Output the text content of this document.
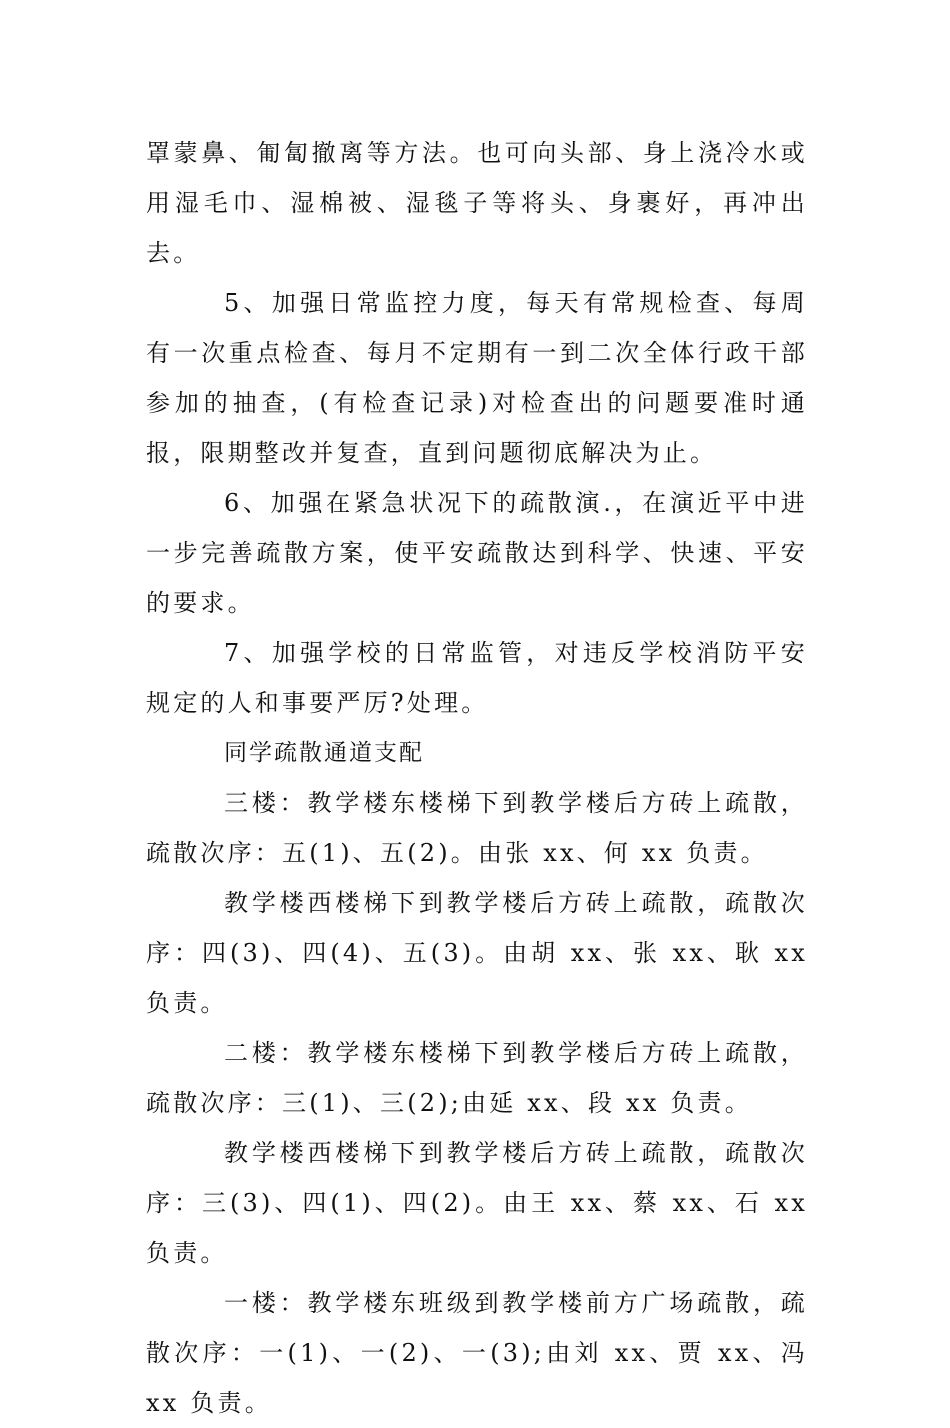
罩蒙鼻、匍匐撤离等方法。也可向头部、身上浇冷水或用湿毛巾、湿棉被、湿毯子等将头、身裹好，再冲出去。

5、加强日常监控力度，每天有常规检查、每周有一次重点检查、每月不定期有一到二次全体行政干部参加的抽查，(有检查记录)对检查出的问题要准时通报，限期整改并复查，直到问题彻底解决为止。

6、加强在紧急状况下的疏散演.，在演近平中进一步完善疏散方案，使平安疏散达到科学、快速、平安的要求。

7、加强学校的日常监管，对违反学校消防平安规定的人和事要严厉?处理。

同学疏散通道支配

三楼：教学楼东楼梯下到教学楼后方砖上疏散，疏散次序：五(1)、五(2)。由张 xx、何 xx 负责。

教学楼西楼梯下到教学楼后方砖上疏散，疏散次序：四(3)、四(4)、五(3)。由胡 xx、张 xx、耿 xx 负责。

二楼：教学楼东楼梯下到教学楼后方砖上疏散，疏散次序：三(1)、三(2);由延 xx、段 xx 负责。

教学楼西楼梯下到教学楼后方砖上疏散，疏散次序：三(3)、四(1)、四(2)。由王 xx、蔡 xx、石 xx 负责。

一楼：教学楼东班级到教学楼前方广场疏散，疏散次序：一(1)、一(2)、一(3);由刘 xx、贾 xx、冯 xx 负责。
